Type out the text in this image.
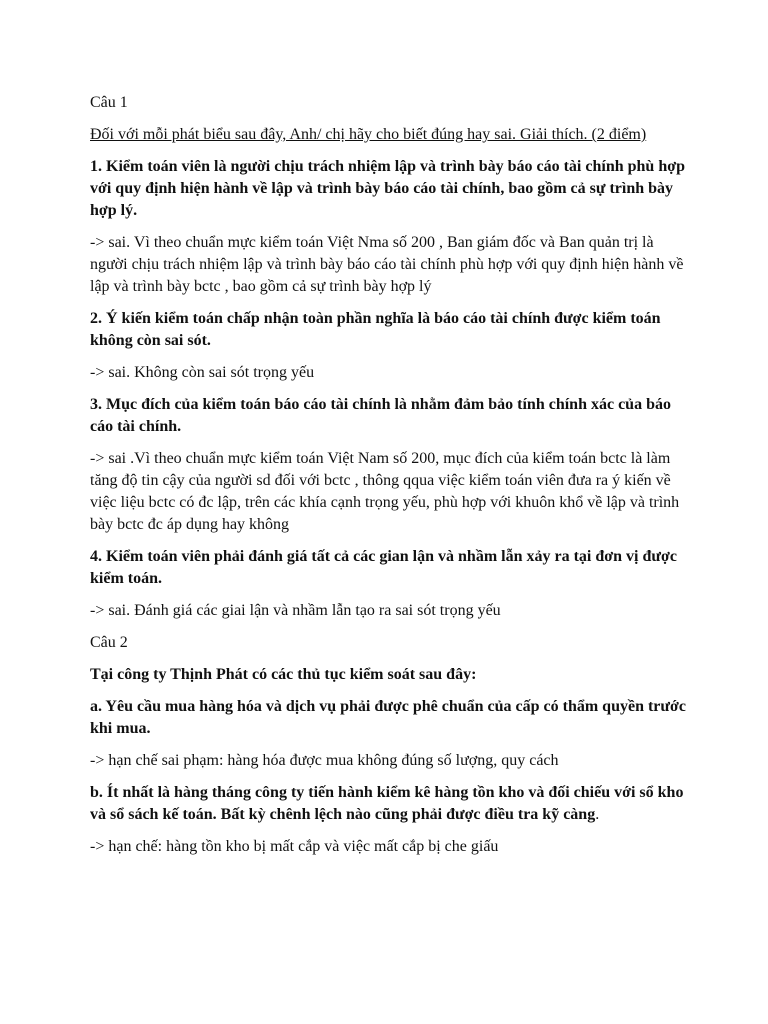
Câu 1

Đối với mỗi phát biểu sau đây, Anh/ chị hãy cho biết đúng hay sai. Giải thích. (2 điểm)

1. Kiểm toán viên là người chịu trách nhiệm lập và trình bày báo cáo tài chính phù hợp với quy định hiện hành về lập và trình bày báo cáo tài chính, bao gồm cả sự trình bày hợp lý.

-> sai. Vì theo chuẩn mực kiểm toán Việt Nma số 200 , Ban giám đốc và Ban quản trị là người chịu trách nhiệm lập và trình bày báo cáo tài chính phù hợp với quy định hiện hành về lập và trình bày bctc , bao gồm cả sự trình bày hợp lý

2. Ý kiến kiểm toán chấp nhận toàn phần nghĩa là báo cáo tài chính được kiểm toán không còn sai sót.

-> sai. Không còn sai sót trọng yếu

3. Mục đích của kiểm toán báo cáo tài chính là nhằm đảm bảo tính chính xác của báo cáo tài chính.

-> sai .Vì theo chuẩn mực kiểm toán Việt Nam số 200, mục đích của kiểm toán bctc là làm tăng độ tin cậy của người sd đối với bctc , thông qqua việc kiểm toán viên đưa ra ý kiến về việc liệu bctc có đc lập, trên các khía cạnh trọng yếu, phù hợp với khuôn khổ về lập và trình bày bctc đc áp dụng hay không

4. Kiểm toán viên phải đánh giá tất cả các gian lận và nhầm lẫn xảy ra tại đơn vị được kiểm toán.

-> sai. Đánh giá các giai lận và nhầm lẫn tạo ra sai sót trọng yếu

Câu 2

Tại công ty Thịnh Phát có các thủ tục kiểm soát sau đây:

a. Yêu cầu mua hàng hóa và dịch vụ phải được phê chuẩn của cấp có thẩm quyền trước khi mua.

-> hạn chế sai phạm: hàng hóa được mua không đúng số lượng, quy cách

b. Ít nhất là hàng tháng công ty tiến hành kiểm kê hàng tồn kho và đối chiếu với sổ kho và sổ sách kế toán. Bất kỳ chênh lệch nào cũng phải được điều tra kỹ càng.

-> hạn chế: hàng tồn kho bị mất cắp và việc mất cắp bị che giấu
